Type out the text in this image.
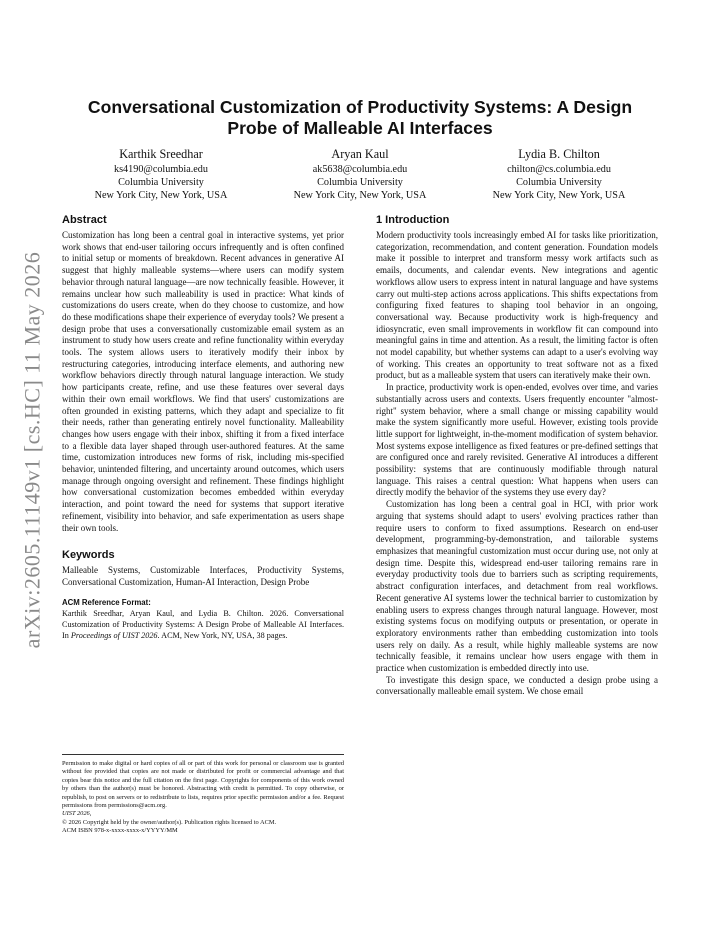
arXiv:2605.11149v1 [cs.HC] 11 May 2026
Conversational Customization of Productivity Systems: A Design Probe of Malleable AI Interfaces
Karthik Sreedhar
ks4190@columbia.edu
Columbia University
New York City, New York, USA
Aryan Kaul
ak5638@columbia.edu
Columbia University
New York City, New York, USA
Lydia B. Chilton
chilton@cs.columbia.edu
Columbia University
New York City, New York, USA
Abstract

Customization has long been a central goal in interactive systems, yet prior work shows that end-user tailoring occurs infrequently and is often confined to initial setup or moments of breakdown. Recent advances in generative AI suggest that highly malleable systems—where users can modify system behavior through natural language—are now technically feasible. However, it remains unclear how such malleability is used in practice: What kinds of customizations do users create, when do they choose to customize, and how do these modifications shape their experience of everyday tools? We present a design probe that uses a conversationally customizable email system as an instrument to study how users create and refine functionality within everyday tools. The system allows users to iteratively modify their inbox by restructuring categories, introducing interface elements, and authoring new workflow behaviors directly through natural language interaction. We study how participants create, refine, and use these features over several days within their own email workflows. We find that users' customizations are often grounded in existing patterns, which they adapt and specialize to fit their needs, rather than generating entirely novel functionality. Malleability changes how users engage with their inbox, shifting it from a fixed interface to a flexible data layer shaped through user-authored features. At the same time, customization introduces new forms of risk, including mis-specified behavior, unintended filtering, and uncertainty around outcomes, which users manage through ongoing oversight and refinement. These findings highlight how conversational customization becomes embedded within everyday interaction, and point toward the need for systems that support iterative refinement, visibility into behavior, and safe experimentation as users shape their own tools.

Keywords

Malleable Systems, Customizable Interfaces, Productivity Systems, Conversational Customization, Human-AI Interaction, Design Probe

ACM Reference Format:

Karthik Sreedhar, Aryan Kaul, and Lydia B. Chilton. 2026. Conversational Customization of Productivity Systems: A Design Probe of Malleable AI Interfaces. In Proceedings of UIST 2026. ACM, New York, NY, USA, 38 pages.

Permission to make digital or hard copies of all or part of this work for personal or classroom use is granted without fee provided that copies are not made or distributed for profit or commercial advantage and that copies bear this notice and the full citation on the first page. Copyrights for components of this work owned by others than the author(s) must be honored. Abstracting with credit is permitted. To copy otherwise, or republish, to post on servers or to redistribute to lists, requires prior specific permission and/or a fee. Request permissions from permissions@acm.org.

UIST 2026,

© 2026 Copyright held by the owner/author(s). Publication rights licensed to ACM.

ACM ISBN 978-x-xxxx-xxxx-x/YYYY/MM

1 Introduction

Modern productivity tools increasingly embed AI for tasks like prioritization, categorization, recommendation, and content generation. Foundation models make it possible to interpret and transform messy work artifacts such as emails, documents, and calendar events. New integrations and agentic workflows allow users to express intent in natural language and have systems carry out multi-step actions across applications. This shifts expectations from configuring fixed features to shaping tool behavior in an ongoing, conversational way. Because productivity work is high-frequency and idiosyncratic, even small improvements in workflow fit can compound into meaningful gains in time and attention. As a result, the limiting factor is often not model capability, but whether systems can adapt to a user's evolving way of working. This creates an opportunity to treat software not as a fixed product, but as a malleable system that users can iteratively make their own.

In practice, productivity work is open-ended, evolves over time, and varies substantially across users and contexts. Users frequently encounter "almost-right" system behavior, where a small change or missing capability would make the system significantly more useful. However, existing tools provide little support for lightweight, in-the-moment modification of system behavior. Most systems expose intelligence as fixed features or pre-defined settings that are configured once and rarely revisited. Generative AI introduces a different possibility: systems that are continuously modifiable through natural language. This raises a central question: What happens when users can directly modify the behavior of the systems they use every day?

Customization has long been a central goal in HCI, with prior work arguing that systems should adapt to users' evolving practices rather than require users to conform to fixed assumptions. Research on end-user development, programming-by-demonstration, and tailorable systems emphasizes that meaningful customization must occur during use, not only at design time. Despite this, widespread end-user tailoring remains rare in everyday productivity tools due to barriers such as scripting requirements, abstract configuration interfaces, and detachment from real workflows. Recent generative AI systems lower the technical barrier to customization by enabling users to express changes through natural language. However, most existing systems focus on modifying outputs or presentation, or operate in exploratory environments rather than embedding customization into tools users rely on daily. As a result, while highly malleable systems are now technically feasible, it remains unclear how users engage with them in practice when customization is embedded directly into use.

To investigate this design space, we conducted a design probe using a conversationally malleable email system. We chose email
